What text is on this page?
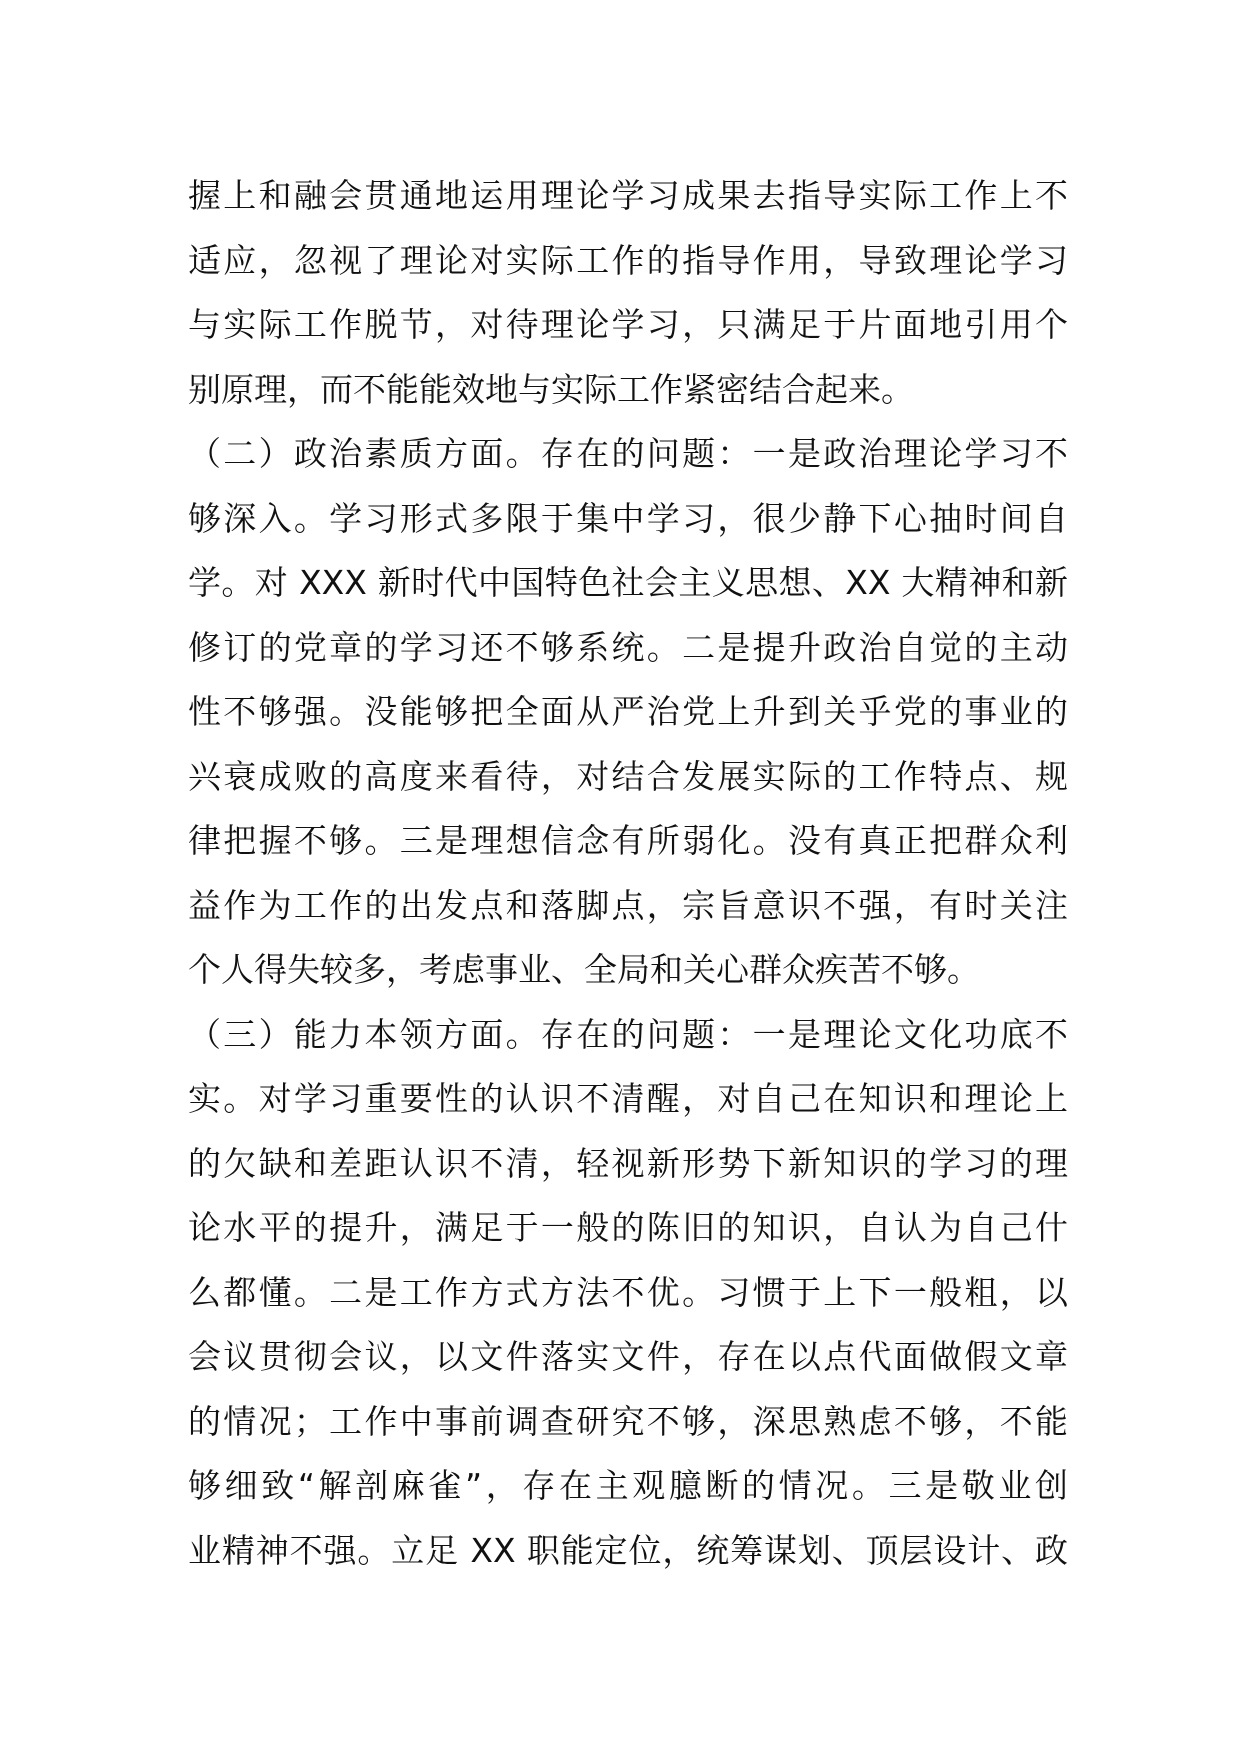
握上和融会贯通地运用理论学习成果去指导实际工作上不
适应，忽视了理论对实际工作的指导作用，导致理论学习
与实际工作脱节，对待理论学习，只满足于片面地引用个
别原理，而不能能效地与实际工作紧密结合起来。
（二）政治素质方面。存在的问题：一是政治理论学习不
够深入。学习形式多限于集中学习，很少静下心抽时间自
学。对 XXX 新时代中国特色社会主义思想、XX 大精神和新
修订的党章的学习还不够系统。二是提升政治自觉的主动
性不够强。没能够把全面从严治党上升到关乎党的事业的
兴衰成败的高度来看待，对结合发展实际的工作特点、规
律把握不够。三是理想信念有所弱化。没有真正把群众利
益作为工作的出发点和落脚点，宗旨意识不强，有时关注
个人得失较多，考虑事业、全局和关心群众疾苦不够。
（三）能力本领方面。存在的问题：一是理论文化功底不
实。对学习重要性的认识不清醒，对自己在知识和理论上
的欠缺和差距认识不清，轻视新形势下新知识的学习的理
论水平的提升，满足于一般的陈旧的知识，自认为自己什
么都懂。二是工作方式方法不优。习惯于上下一般粗，以
会议贯彻会议，以文件落实文件，存在以点代面做假文章
的情况；工作中事前调查研究不够，深思熟虑不够，不能
够细致“解剖麻雀”，存在主观臆断的情况。三是敬业创
业精神不强。立足 XX 职能定位，统筹谋划、顶层设计、政
